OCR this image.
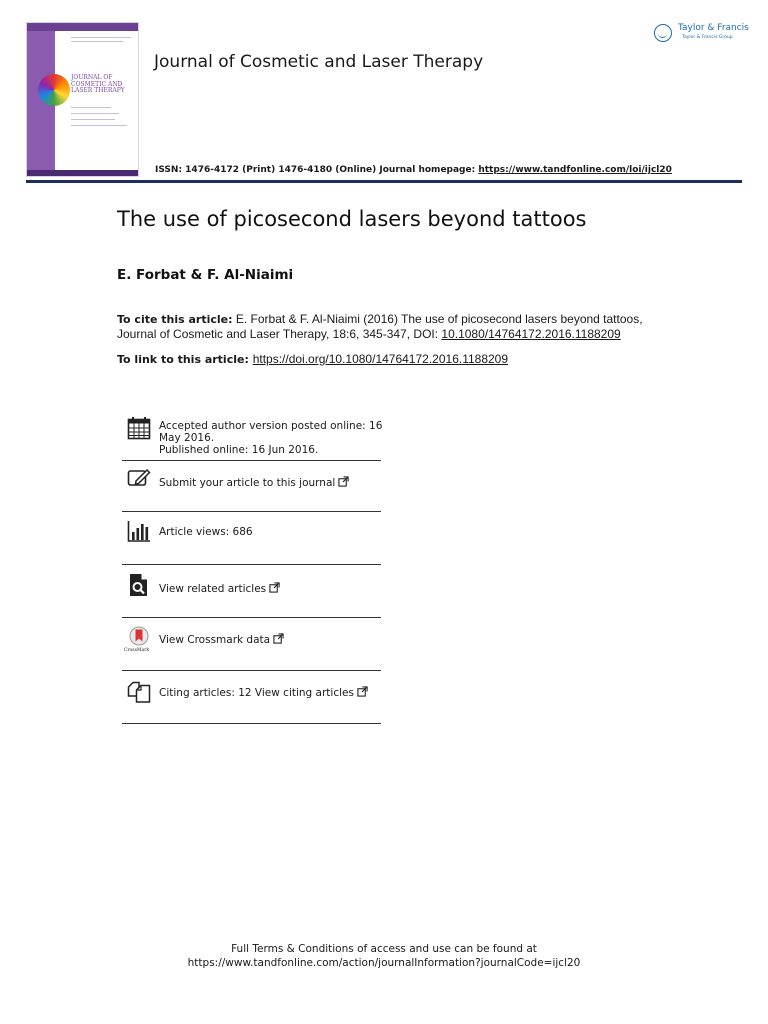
JOURNAL OF
COSMETIC AND
LASER THERAPY
Journal of Cosmetic and Laser Therapy
Taylor & Francis
Taylor & Francis Group
ISSN: 1476-4172 (Print) 1476-4180 (Online) Journal homepage: https://www.tandfonline.com/loi/ijcl20
The use of picosecond lasers beyond tattoos
E. Forbat & F. Al-Niaimi
To cite this article: E. Forbat & F. Al-Niaimi (2016) The use of picosecond lasers beyond tattoos, Journal of Cosmetic and Laser Therapy, 18:6, 345-347, DOI: 10.1080/14764172.2016.1188209
To link to this article: https://doi.org/10.1080/14764172.2016.1188209
Accepted author version posted online: 16
May 2016.
Published online: 16 Jun 2016.
Submit your article to this journal
Article views: 686
View related articles
CrossMark
View Crossmark data
Citing articles: 12 View citing articles
Full Terms & Conditions of access and use can be found at
https://www.tandfonline.com/action/journalInformation?journalCode=ijcl20
